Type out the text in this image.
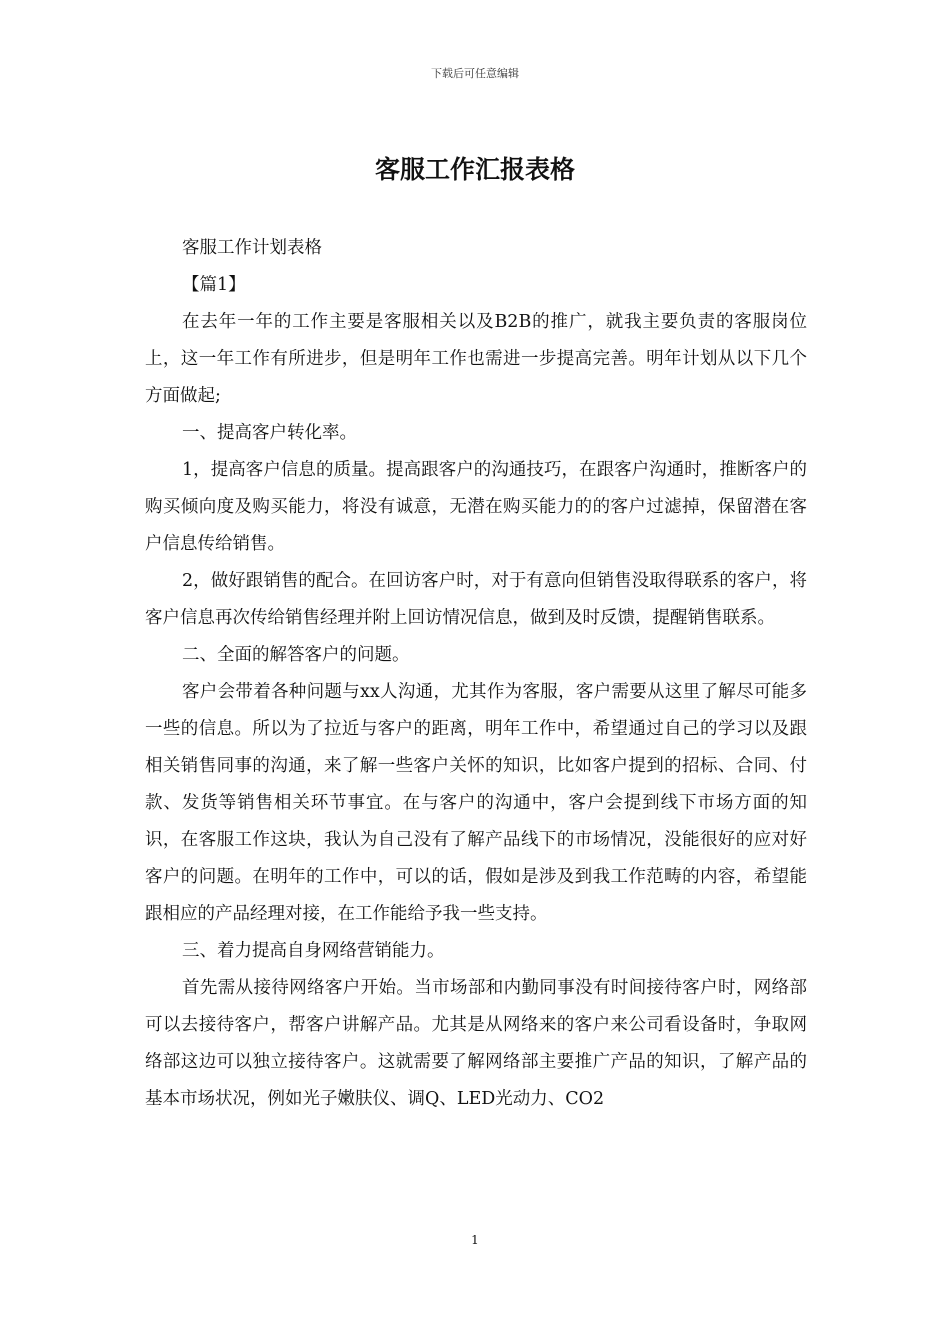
下载后可任意编辑
客服工作汇报表格

客服工作计划表格

【篇1】

在去年一年的工作主要是客服相关以及B2B的推广，就我主要负责的客服岗位上，这一年工作有所进步，但是明年工作也需进一步提高完善。明年计划从以下几个方面做起;

一、提高客户转化率。

1，提高客户信息的质量。提高跟客户的沟通技巧，在跟客户沟通时，推断客户的购买倾向度及购买能力，将没有诚意，无潜在购买能力的的客户过滤掉，保留潜在客户信息传给销售。

2，做好跟销售的配合。在回访客户时，对于有意向但销售没取得联系的客户，将客户信息再次传给销售经理并附上回访情况信息，做到及时反馈，提醒销售联系。

二、全面的解答客户的问题。

客户会带着各种问题与xx人沟通，尤其作为客服，客户需要从这里了解尽可能多一些的信息。所以为了拉近与客户的距离，明年工作中，希望通过自己的学习以及跟相关销售同事的沟通，来了解一些客户关怀的知识，比如客户提到的招标、合同、付款、发货等销售相关环节事宜。在与客户的沟通中，客户会提到线下市场方面的知识，在客服工作这块，我认为自己没有了解产品线下的市场情况，没能很好的应对好客户的问题。在明年的工作中，可以的话，假如是涉及到我工作范畴的内容，希望能跟相应的产品经理对接，在工作能给予我一些支持。

三、着力提高自身网络营销能力。

首先需从接待网络客户开始。当市场部和内勤同事没有时间接待客户时，网络部可以去接待客户，帮客户讲解产品。尤其是从网络来的客户来公司看设备时，争取网络部这边可以独立接待客户。这就需要了解网络部主要推广产品的知识，了解产品的基本市场状况，例如光子嫩肤仪、调Q、LED光动力、CO2

1
